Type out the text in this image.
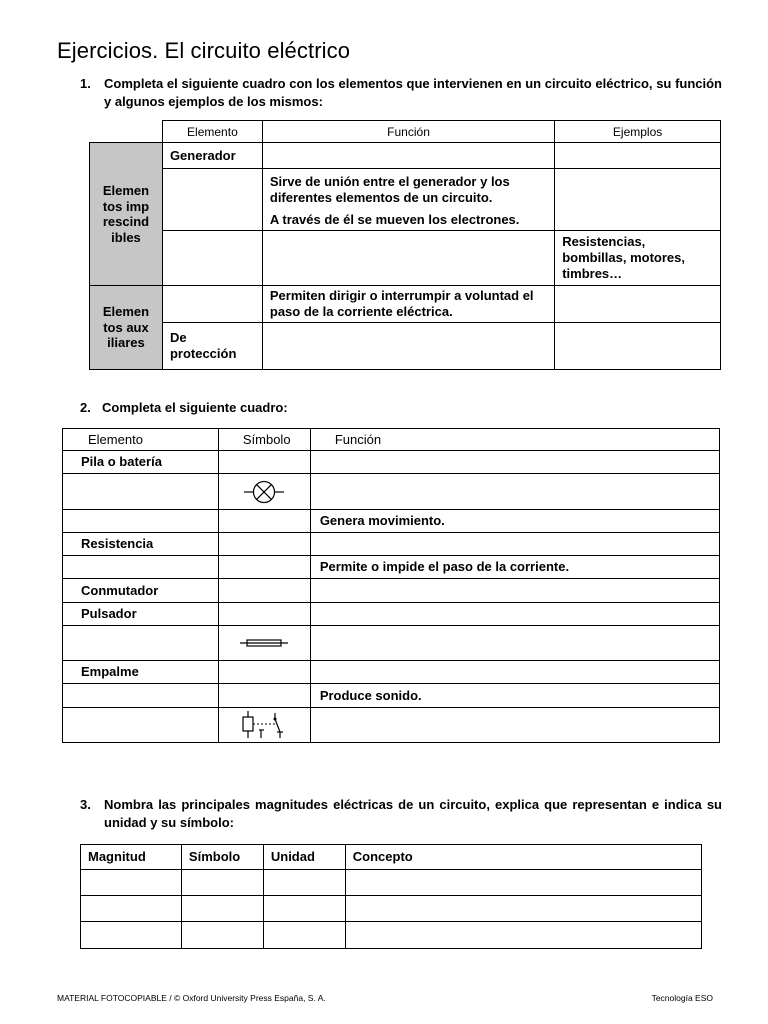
Ejercicios. El circuito eléctrico
1. Completa el siguiente cuadro con los elementos que intervienen en un circuito eléctrico, su función y algunos ejemplos de los mismos:
	Elemento	Función	Ejemplos
Elementos imprescindibles	Generador		

		Sirve de unión entre el generador y los diferentes elementos de un circuito.
A través de él se mueven los electrones.	

			Resistencias, bombillas, motores, timbres…
Elementos auxiliares		Permiten dirigir o interrumpir a voluntad el paso de la corriente eléctrica.	
	De protección		
2. Completa el siguiente cuadro:
Elemento	Símbolo	Función
Pila o batería		

		Genera movimiento.
Resistencia		
		Permite o impide el paso de la corriente.
Conmutador		
Pulsador		

Empalme		
		Produce sonido.

3. Nombra las principales magnitudes eléctricas de un circuito, explica que representan e indica su unidad y su símbolo:
Magnitud	Símbolo	Unidad	Concepto

MATERIAL FOTOCOPIABLE / © Oxford University Press España, S. A.	Tecnología ESO
